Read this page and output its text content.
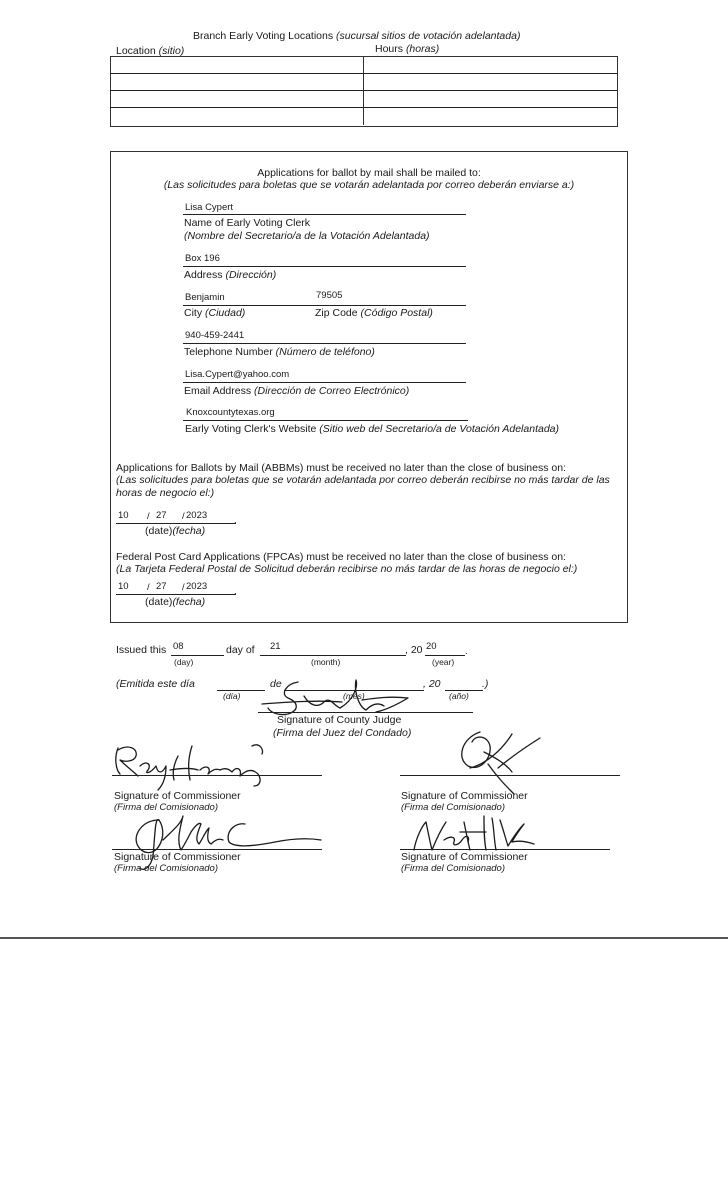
Branch Early Voting Locations (sucursal sitios de votación adelantada)
Location (sitio)	Hours (horas)
Applications for ballot by mail shall be mailed to:
(Las solicitudes para boletas que se votarán adelantada por correo deberán enviarse a:)
Lisa Cypert
Name of Early Voting Clerk
(Nombre del Secretario/a de la Votación Adelantada)
Box 196
Address (Dirección)
Benjamin	79505
City (Ciudad)	Zip Code (Código Postal)
940-459-2441
Telephone Number (Número de teléfono)
Lisa.Cypert@yahoo.com
Email Address (Dirección de Correo Electrónico)
Knoxcountytexas.org
Early Voting Clerk's Website (Sitio web del Secretario/a de Votación Adelantada)
Applications for Ballots by Mail (ABBMs) must be received no later than the close of business on:
(Las solicitudes para boletas que se votarán adelantada por correo deberán recibirse no más tardar de las horas de negocio el:)
10 / 27 / 2023	.
(date)(fecha)
Federal Post Card Applications (FPCAs) must be received no later than the close of business on:
(La Tarjeta Federal Postal de Solicitud deberán recibirse no más tardar de las horas de negocio el:)
10 / 27 / 2023	.
(date)(fecha)
Issued this 08	day of 21	, 20 20	.
(day)	(month)	(year)
(Emitida este día	de	, 20	.)
(día)	(mes)	(año)
Signature of County Judge
(Firma del Juez del Condado)
Signature of Commissioner
(Firma del Comisionado)
Signature of Commissioner
(Firma del Comisionado)
Signature of Commissioner
(Firma del Comisionado)
Signature of Commissioner
(Firma del Comisionado)
